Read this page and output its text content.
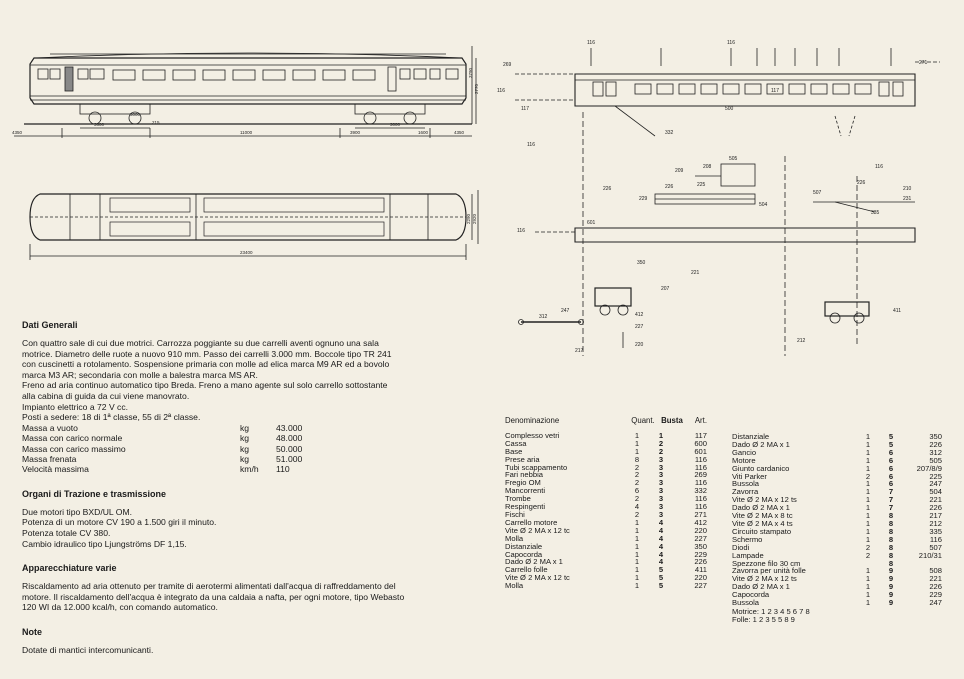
4350
3600
3000
215
11000
3000
3900	1600	4350
3790
2770
23400
2290 2920
116	116
271
269
116
117	500
117
332
116
505
209
208
226
229
226	225
504
116
507
226
210
231
335
601
116
350
221
207
247
312	412
227
217
220
411
212
Dati Generali
Con quattro sale di cui due motrici. Carrozza poggiante su due carrelli aventi ognuno una sala
motrice. Diametro delle ruote a nuovo 910 mm. Passo dei carrelli 3.000 mm. Boccole tipo TR 241
con cuscinetti a rotolamento. Sospensione primaria con molle ad elica marca M9 AR ed a bovolo
marca M3 AR; secondaria con molle a balestra marca MS AR.
Freno ad aria continuo automatico tipo Breda. Freno a mano agente sul solo carrello sottostante
alla cabina di guida da cui viene manovrato.
Impianto elettrico a 72 V cc.
Posti a sedere: 18 di 1ª classe, 55 di 2ª classe.
Massa a vuoto	kg	43.000
Massa con carico normale	kg	48.000
Massa con carico massimo	kg	50.000
Massa frenata	kg	51.000
Velocità massima	km/h	110
Organi di Trazione e trasmissione
Due motori tipo BXD/UL OM.
Potenza di un motore CV 190 a 1.500 giri il minuto.
Potenza totale CV 380.
Cambio idraulico tipo Ljungströms DF 1,15.
Apparecchiature varie
Riscaldamento ad aria ottenuto per tramite di aerotermi alimentati dall'acqua di raffreddamento del
motore. Il riscaldamento dell'acqua è integrato da una caldaia a nafta, per ogni motore, tipo Webasto
120 WI da 12.000 kcal/h, con comando automatico.
Note
Dotate di mantici intercomunicanti.
Denominazione	Quant. Busta	Art.
Complesso vetri	1	1	117
Cassa	1	2	600
Base	1	2	601
Prese aria	8	3	116
Tubi scappamento	2	3	116
Fari nebbia	2	3	269
Fregio OM	2	3	116
Mancorrenti	6	3	332
Trombe	2	3	116
Respingenti	4	3	116
Fischi	2	3	271
Carrello motore	1	4	412
Vite Ø 2 MA x 12 tc	1	4	220
Molla	1	4	227
Distanziale	1	4	350
Capocorda	1	4	229
Dado Ø 2 MA x 1	1	4	226
Carrello folle	1	5	411
Vite Ø 2 MA x 12 tc	1	5	220
Molla	1	5	227
Distanziale	1	5	350
Dado Ø 2 MA x 1	1	5	226
Gancio	1	6	312
Motore	1	6	505
Giunto cardanico	1	6	207/8/9
Viti Parker	2	6	225
Bussola	1	6	247
Zavorra	1	7	504
Vite Ø 2 MA x 12 ts	1	7	221
Dado Ø 2 MA x 1	1	7	226
Vite Ø 2 MA x 8 tc	1	8	217
Vite Ø 2 MA x 4 ts	1	8	212
Circuito stampato	1	8	335
Schermo	1	8	116
Diodi	2	8	507
Lampade	2	8	210/31
Spezzone filo 30 cm	8
Zavorra per unità folle	1	9	508
Vite Ø 2 MA x 12 ts	1	9	221
Dado Ø 2 MA x 1	1	9	226
Capocorda	1	9	229
Bussola	1	9	247
Motrice: 1 2 3 4 5 6 7 8
Folle: 1 2 3 5 5 8 9
